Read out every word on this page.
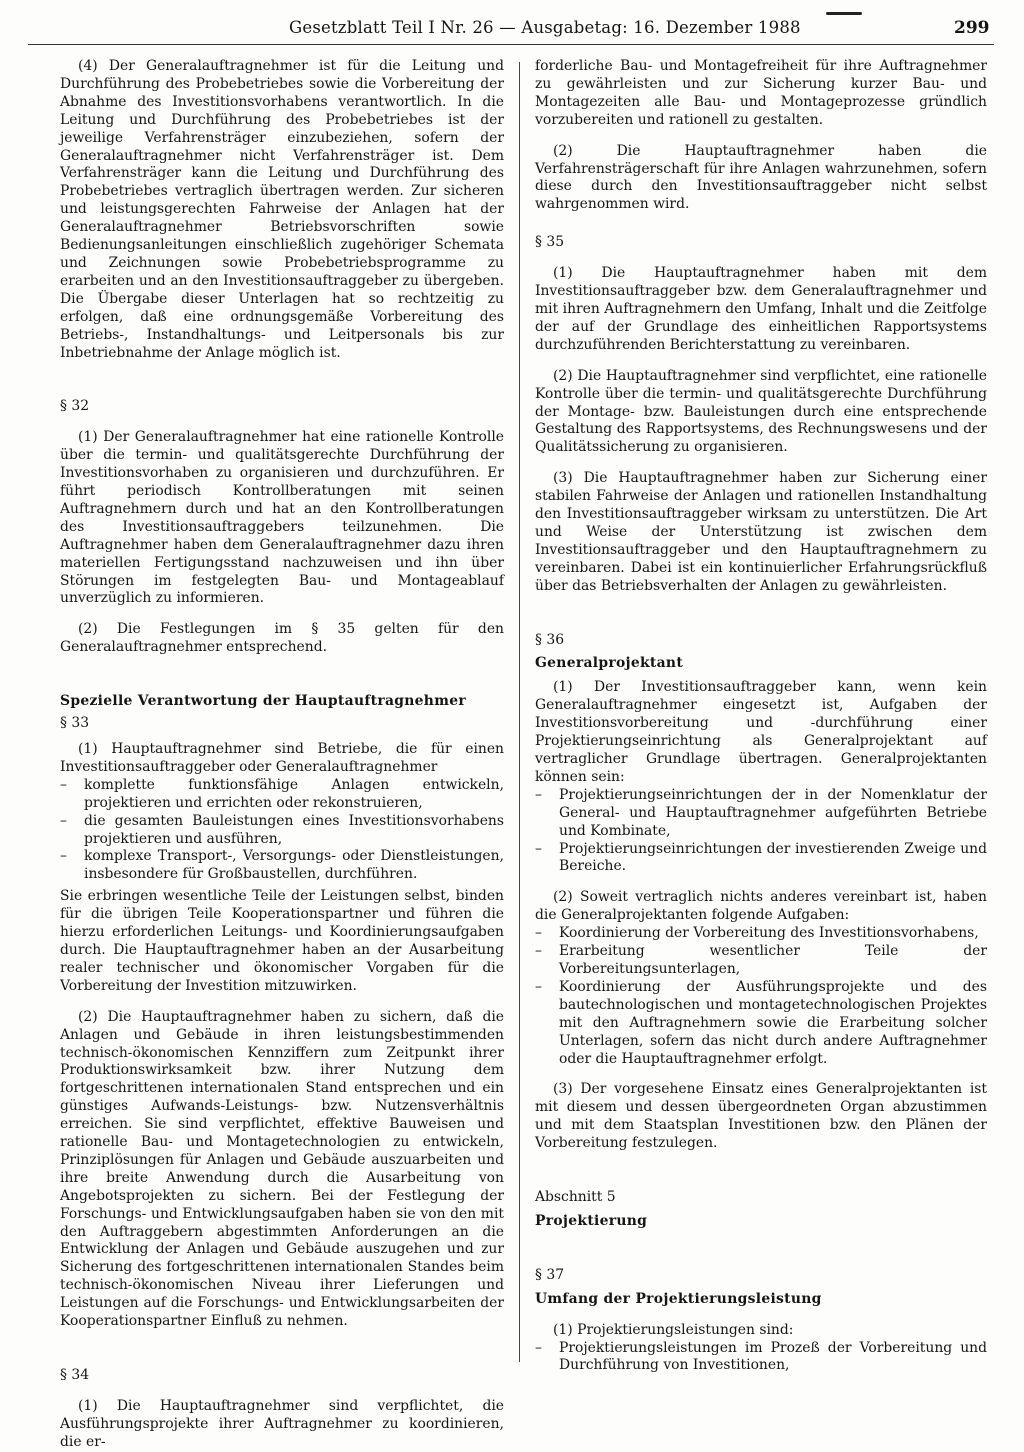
Gesetzblatt Teil I Nr. 26 — Ausgabetag: 16. Dezember 1988	299

(4) Der Generalauftragnehmer ist für die Leitung und Durchführung des Probebetriebes sowie die Vorbereitung der Abnahme des Investitionsvorhabens verantwortlich. In die Leitung und Durchführung des Probebetriebes ist der jeweilige Verfahrensträger einzubeziehen, sofern der Generalauftragnehmer nicht Verfahrensträger ist. Dem Verfahrensträger kann die Leitung und Durchführung des Probebetriebes vertraglich übertragen werden. Zur sicheren und leistungsgerechten Fahrweise der Anlagen hat der Generalauftragnehmer Betriebsvorschriften sowie Bedienungsanleitungen einschließlich zugehöriger Schemata und Zeichnungen sowie Probebetriebsprogramme zu erarbeiten und an den Investitionsauftraggeber zu übergeben. Die Übergabe dieser Unterlagen hat so rechtzeitig zu erfolgen, daß eine ordnungsgemäße Vorbereitung des Betriebs-, Instandhaltungs- und Leitpersonals bis zur Inbetriebnahme der Anlage möglich ist.

§ 32

(1) Der Generalauftragnehmer hat eine rationelle Kontrolle über die termin- und qualitätsgerechte Durchführung der Investitionsvorhaben zu organisieren und durchzuführen. Er führt periodisch Kontrollberatungen mit seinen Auftragnehmern durch und hat an den Kontrollberatungen des Investitionsauftraggebers teilzunehmen. Die Auftragnehmer haben dem Generalauftragnehmer dazu ihren materiellen Fertigungsstand nachzuweisen und ihn über Störungen im festgelegten Bau- und Montageablauf unverzüglich zu informieren.

(2) Die Festlegungen im § 35 gelten für den Generalauftragnehmer entsprechend.

Spezielle Verantwortung der Hauptauftragnehmer

§ 33

(1) Hauptauftragnehmer sind Betriebe, die für einen Investitionsauftraggeber oder Generalauftragnehmer

– komplette funktionsfähige Anlagen entwickeln, projektieren und errichten oder rekonstruieren,
– die gesamten Bauleistungen eines Investitionsvorhabens projektieren und ausführen,
– komplexe Transport-, Versorgungs- oder Dienstleistungen, insbesondere für Großbaustellen, durchführen.

Sie erbringen wesentliche Teile der Leistungen selbst, binden für die übrigen Teile Kooperationspartner und führen die hierzu erforderlichen Leitungs- und Koordinierungsaufgaben durch. Die Hauptauftragnehmer haben an der Ausarbeitung realer technischer und ökonomischer Vorgaben für die Vorbereitung der Investition mitzuwirken.

(2) Die Hauptauftragnehmer haben zu sichern, daß die Anlagen und Gebäude in ihren leistungsbestimmenden technisch-ökonomischen Kennziffern zum Zeitpunkt ihrer Produktionswirksamkeit bzw. ihrer Nutzung dem fortgeschrittenen internationalen Stand entsprechen und ein günstiges Aufwands-Leistungs- bzw. Nutzensverhältnis erreichen. Sie sind verpflichtet, effektive Bauweisen und rationelle Bau- und Montagetechnologien zu entwickeln, Prinziplösungen für Anlagen und Gebäude auszuarbeiten und ihre breite Anwendung durch die Ausarbeitung von Angebotsprojekten zu sichern. Bei der Festlegung der Forschungs- und Entwicklungsaufgaben haben sie von den mit den Auftraggebern abgestimmten Anforderungen an die Entwicklung der Anlagen und Gebäude auszugehen und zur Sicherung des fortgeschrittenen internationalen Standes beim technisch-ökonomischen Niveau ihrer Lieferungen und Leistungen auf die Forschungs- und Entwicklungsarbeiten der Kooperationspartner Einfluß zu nehmen.

§ 34

(1) Die Hauptauftragnehmer sind verpflichtet, die Ausführungsprojekte ihrer Auftragnehmer zu koordinieren, die er-

forderliche Bau- und Montagefreiheit für ihre Auftragnehmer zu gewährleisten und zur Sicherung kurzer Bau- und Montagezeiten alle Bau- und Montageprozesse gründlich vorzubereiten und rationell zu gestalten.

(2) Die Hauptauftragnehmer haben die Verfahrensträgerschaft für ihre Anlagen wahrzunehmen, sofern diese durch den Investitionsauftraggeber nicht selbst wahrgenommen wird.

§ 35

(1) Die Hauptauftragnehmer haben mit dem Investitionsauftraggeber bzw. dem Generalauftragnehmer und mit ihren Auftragnehmern den Umfang, Inhalt und die Zeitfolge der auf der Grundlage des einheitlichen Rapportsystems durchzuführenden Berichterstattung zu vereinbaren.

(2) Die Hauptauftragnehmer sind verpflichtet, eine rationelle Kontrolle über die termin- und qualitätsgerechte Durchführung der Montage- bzw. Bauleistungen durch eine entsprechende Gestaltung des Rapportsystems, des Rechnungswesens und der Qualitätssicherung zu organisieren.

(3) Die Hauptauftragnehmer haben zur Sicherung einer stabilen Fahrweise der Anlagen und rationellen Instandhaltung den Investitionsauftraggeber wirksam zu unterstützen. Die Art und Weise der Unterstützung ist zwischen dem Investitionsauftraggeber und den Hauptauftragnehmern zu vereinbaren. Dabei ist ein kontinuierlicher Erfahrungsrückfluß über das Betriebsverhalten der Anlagen zu gewährleisten.

§ 36

Generalprojektant

(1) Der Investitionsauftraggeber kann, wenn kein Generalauftragnehmer eingesetzt ist, Aufgaben der Investitionsvorbereitung und -durchführung einer Projektierungseinrichtung als Generalprojektant auf vertraglicher Grundlage übertragen. Generalprojektanten können sein:

– Projektierungseinrichtungen der in der Nomenklatur der General- und Hauptauftragnehmer aufgeführten Betriebe und Kombinate,
– Projektierungseinrichtungen der investierenden Zweige und Bereiche.

(2) Soweit vertraglich nichts anderes vereinbart ist, haben die Generalprojektanten folgende Aufgaben:

– Koordinierung der Vorbereitung des Investitionsvorhabens,
– Erarbeitung wesentlicher Teile der Vorbereitungsunterlagen,
– Koordinierung der Ausführungsprojekte und des bautechnologischen und montagetechnologischen Projektes mit den Auftragnehmern sowie die Erarbeitung solcher Unterlagen, sofern das nicht durch andere Auftragnehmer oder die Hauptauftragnehmer erfolgt.

(3) Der vorgesehene Einsatz eines Generalprojektanten ist mit diesem und dessen übergeordneten Organ abzustimmen und mit dem Staatsplan Investitionen bzw. den Plänen der Vorbereitung festzulegen.

Abschnitt 5

Projektierung

§ 37

Umfang der Projektierungsleistung

(1) Projektierungsleistungen sind:

– Projektierungsleistungen im Prozeß der Vorbereitung und Durchführung von Investitionen,
